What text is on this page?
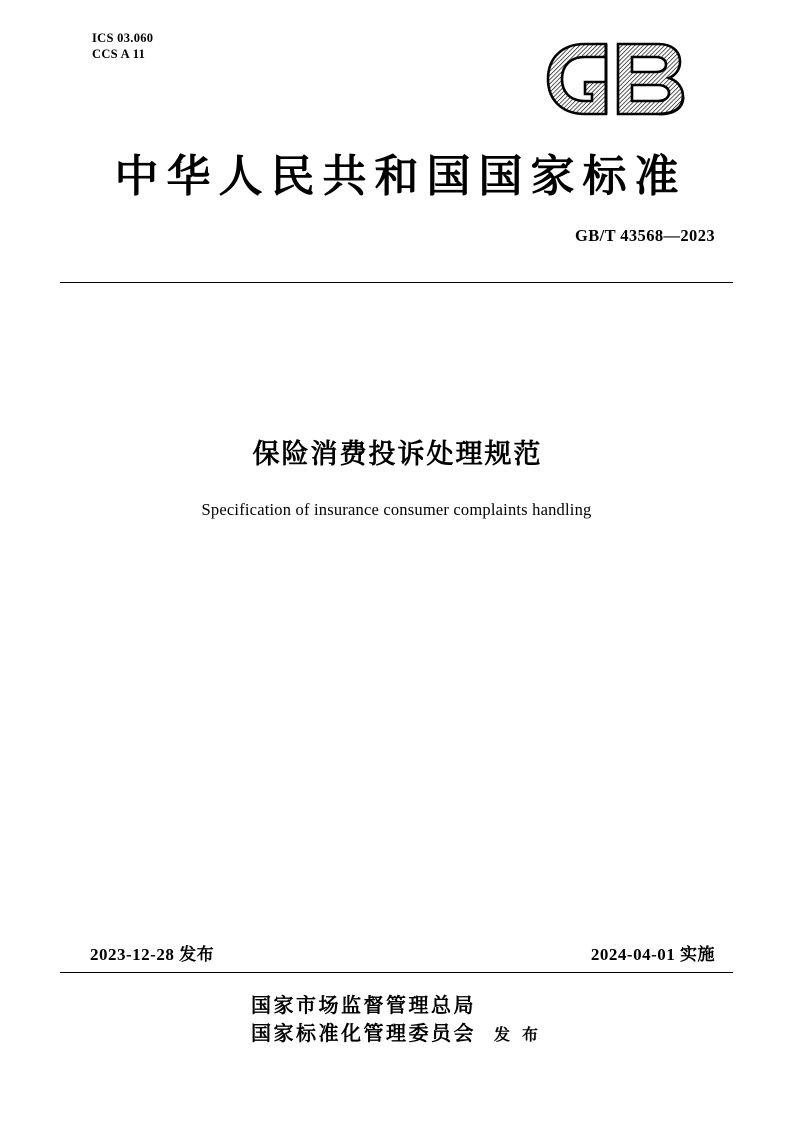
ICS 03.060
CCS A 11
中华人民共和国国家标准
GB/T 43568—2023
保险消费投诉处理规范
Specification of insurance consumer complaints handling
2023-12-28 发布	2024-04-01 实施
国家市场监督管理总局
国家标准化管理委员会 发 布
